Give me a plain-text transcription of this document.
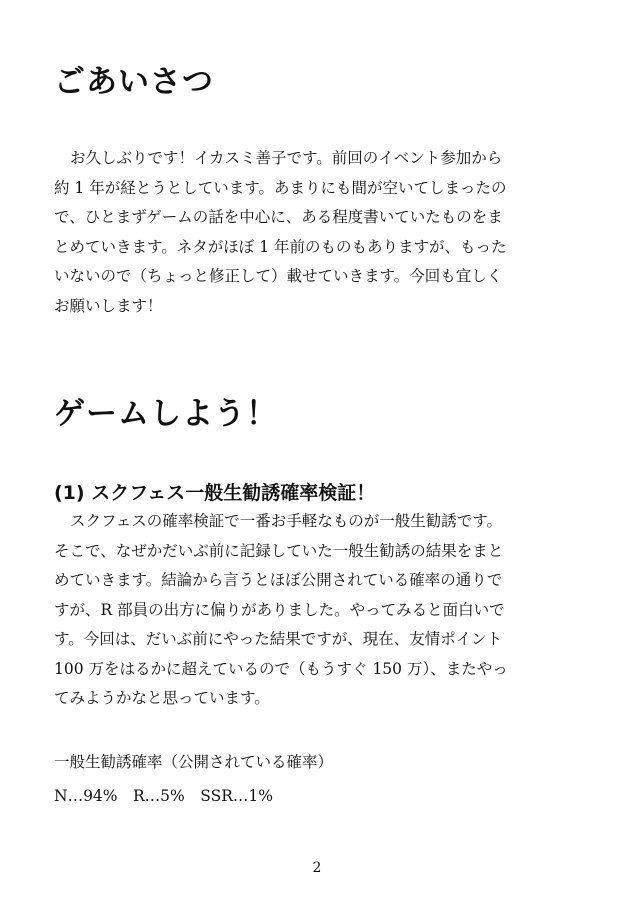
ごあいさつ
お久しぶりです！イカスミ善子です。前回のイベント参加から
約 1 年が経とうとしています。あまりにも間が空いてしまったの
で、ひとまずゲームの話を中心に、ある程度書いていたものをま
とめていきます。ネタがほぼ 1 年前のものもありますが、もった
いないので（ちょっと修正して）載せていきます。今回も宜しく
お願いします！
ゲームしよう！
(1) スクフェス一般生勧誘確率検証！
スクフェスの確率検証で一番お手軽なものが一般生勧誘です。
そこで、なぜかだいぶ前に記録していた一般生勧誘の結果をまと
めていきます。結論から言うとほぼ公開されている確率の通りで
すが、R 部員の出方に偏りがありました。やってみると面白いで
す。今回は、だいぶ前にやった結果ですが、現在、友情ポイント
100 万をはるかに超えているので（もうすぐ 150 万）、またやっ
てみようかなと思っています。

一般生勧誘確率（公開されている確率）

N…94%　R…5%　SSR…1%

2
